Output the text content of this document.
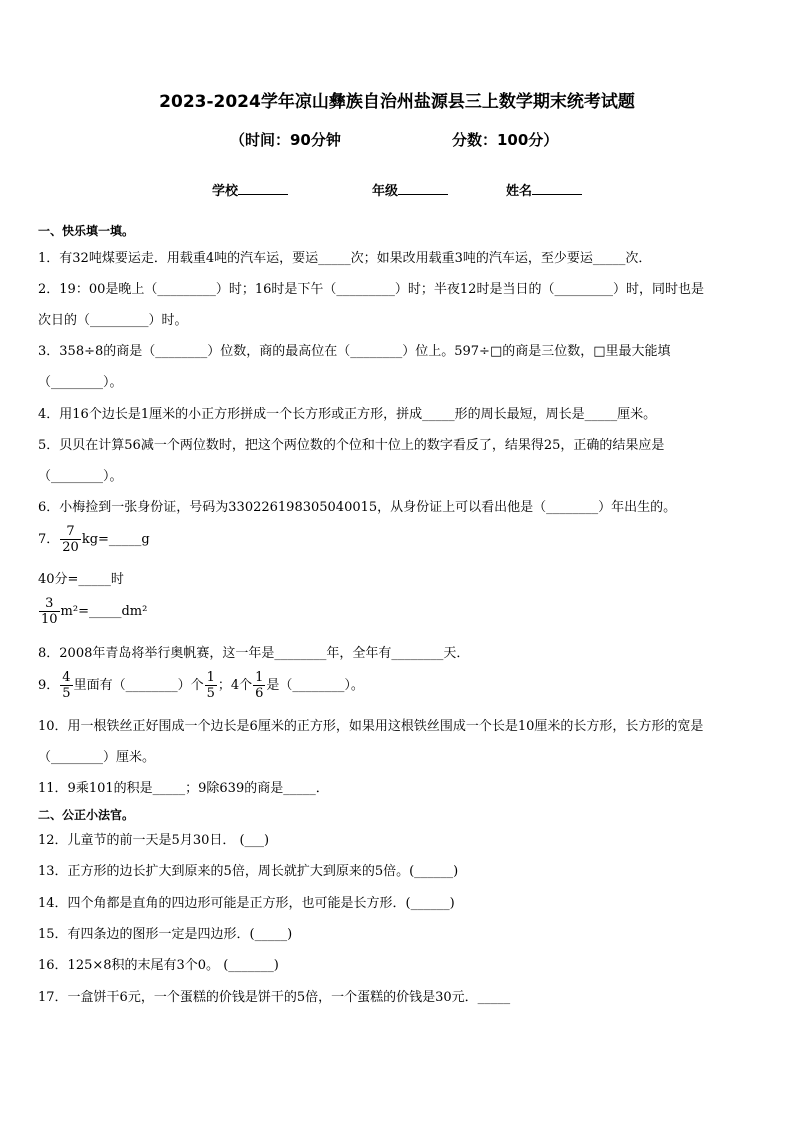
2023-2024学年凉山彝族自治州盐源县三上数学期末统考试题
（时间：90分钟	分数：100分）
学校	年级	姓名
一、快乐填一填。
1．有32吨煤要运走．用载重4吨的汽车运，要运_____次；如果改用载重3吨的汽车运，至少要运_____次．
2．19：00是晚上（_________）时；16时是下午（_________）时；半夜12时是当日的（_________）时，同时也是
次日的（_________）时。
3．358÷8的商是（________）位数，商的最高位在（________）位上。597÷□的商是三位数，□里最大能填
（________）。
4．用16个边长是1厘米的小正方形拼成一个长方形或正方形，拼成_____形的周长最短，周长是_____厘米。
5．贝贝在计算56减一个两位数时，把这个两位数的个位和十位上的数字看反了，结果得25，正确的结果应是
（________）。
6．小梅捡到一张身份证，号码为330226198305040015，从身份证上可以看出他是（________）年出生的。
7． $\frac{7}{20}$ kg=_____g
40分=_____时
$\frac{3}{10}$ m²=_____dm²
8．2008年青岛将举行奥帆赛，这一年是________年，全年有________天．
9． $\frac{4}{5}$ 里面有（________）个 $\frac{1}{5}$ ；4个 $\frac{1}{6}$ 是（________）。
10．用一根铁丝正好围成一个边长是6厘米的正方形，如果用这根铁丝围成一个长是10厘米的长方形，长方形的宽是
（________）厘米。
11．9乘101的积是_____；9除639的商是_____．
二、公正小法官。
12．儿童节的前一天是5月30日． (___)
13．正方形的边长扩大到原来的5倍，周长就扩大到原来的5倍。(______)
14．四个角都是直角的四边形可能是正方形，也可能是长方形．(______)
15．有四条边的图形一定是四边形．(_____)
16．125×8积的末尾有3个0。 (_______)
17．一盒饼干6元，一个蛋糕的价钱是饼干的5倍，一个蛋糕的价钱是30元．_____
